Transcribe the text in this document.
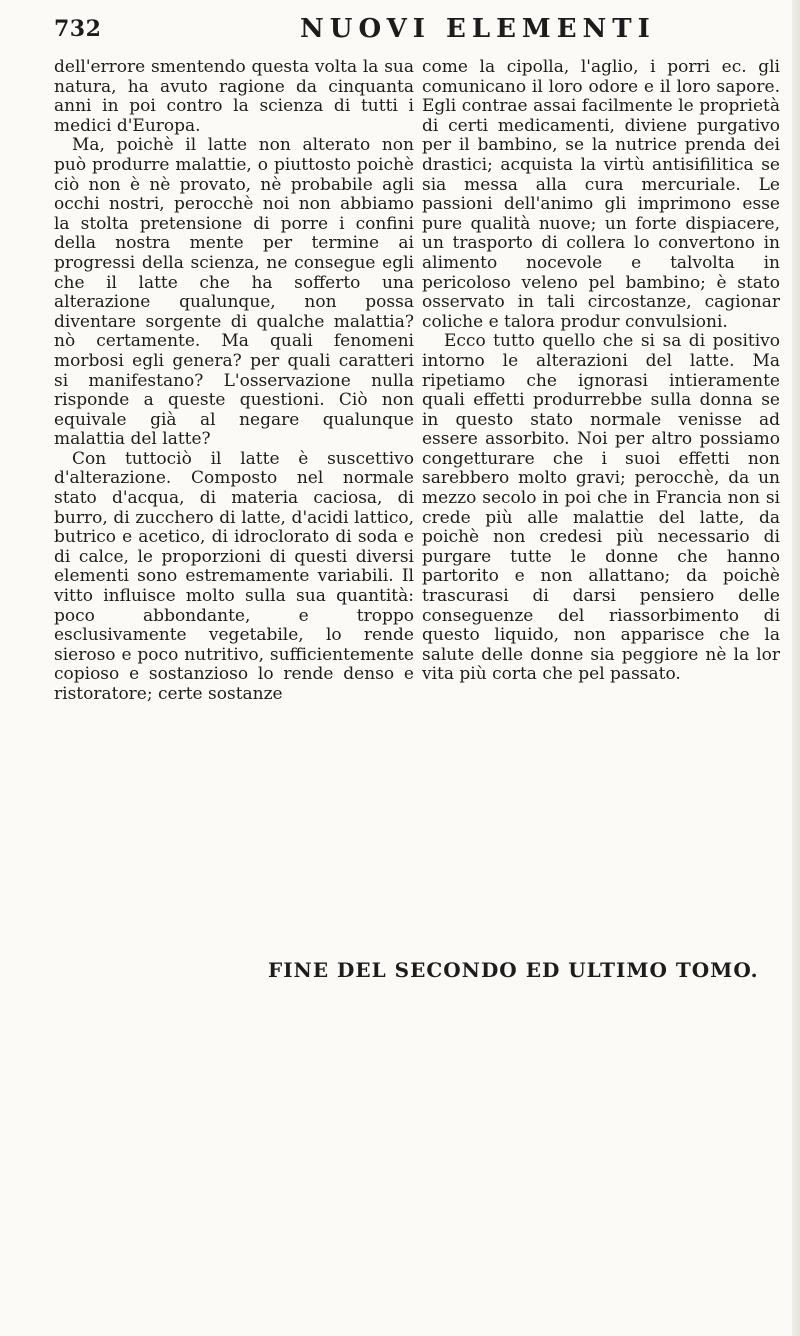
732	NUOVI ELEMENTI

dell'errore smentendo questa volta la sua natura, ha avuto ragione da cinquanta anni in poi contro la scienza di tutti i medici d'Europa.

Ma, poichè il latte non alterato non può produrre malattie, o piuttosto poichè ciò non è nè provato, nè probabile agli occhi nostri, perocchè noi non abbiamo la stolta pretensione di porre i confini della nostra mente per termine ai progressi della scienza, ne consegue egli che il latte che ha sofferto una alterazione qualunque, non possa diventare sorgente di qualche malattia? nò certamente. Ma quali fenomeni morbosi egli genera? per quali caratteri si manifestano? L'osservazione nulla risponde a queste questioni. Ciò non equivale già al negare qualunque malattia del latte?

Con tuttociò il latte è suscettivo d'alterazione. Composto nel normale stato d'acqua, di materia caciosa, di burro, di zucchero di latte, d'acidi lattico, butrico e acetico, di idroclorato di soda e di calce, le proporzioni di questi diversi elementi sono estremamente variabili. Il vitto influisce molto sulla sua quantità: poco abbondante, e troppo esclusivamente vegetabile, lo rende sieroso e poco nutritivo, sufficientemente copioso e sostanzioso lo rende denso e ristoratore; certe sostanze

come la cipolla, l'aglio, i porri ec. gli comunicano il loro odore e il loro sapore. Egli contrae assai facilmente le proprietà di certi medicamenti, diviene purgativo per il bambino, se la nutrice prenda dei drastici; acquista la virtù antisifilitica se sia messa alla cura mercuriale. Le passioni dell'animo gli imprimono esse pure qualità nuove; un forte dispiacere, un trasporto di collera lo convertono in alimento nocevole e talvolta in pericoloso veleno pel bambino; è stato osservato in tali circostanze, cagionar coliche e talora produr convulsioni.

Ecco tutto quello che si sa di positivo intorno le alterazioni del latte. Ma ripetiamo che ignorasi intieramente quali effetti produrrebbe sulla donna se in questo stato normale venisse ad essere assorbito. Noi per altro possiamo congetturare che i suoi effetti non sarebbero molto gravi; perocchè, da un mezzo secolo in poi che in Francia non si crede più alle malattie del latte, da poichè non credesi più necessario di purgare tutte le donne che hanno partorito e non allattano; da poichè trascurasi di darsi pensiero delle conseguenze del riassorbimento di questo liquido, non apparisce che la salute delle donne sia peggiore nè la lor vita più corta che pel passato.

FINE DEL SECONDO ED ULTIMO TOMO.
